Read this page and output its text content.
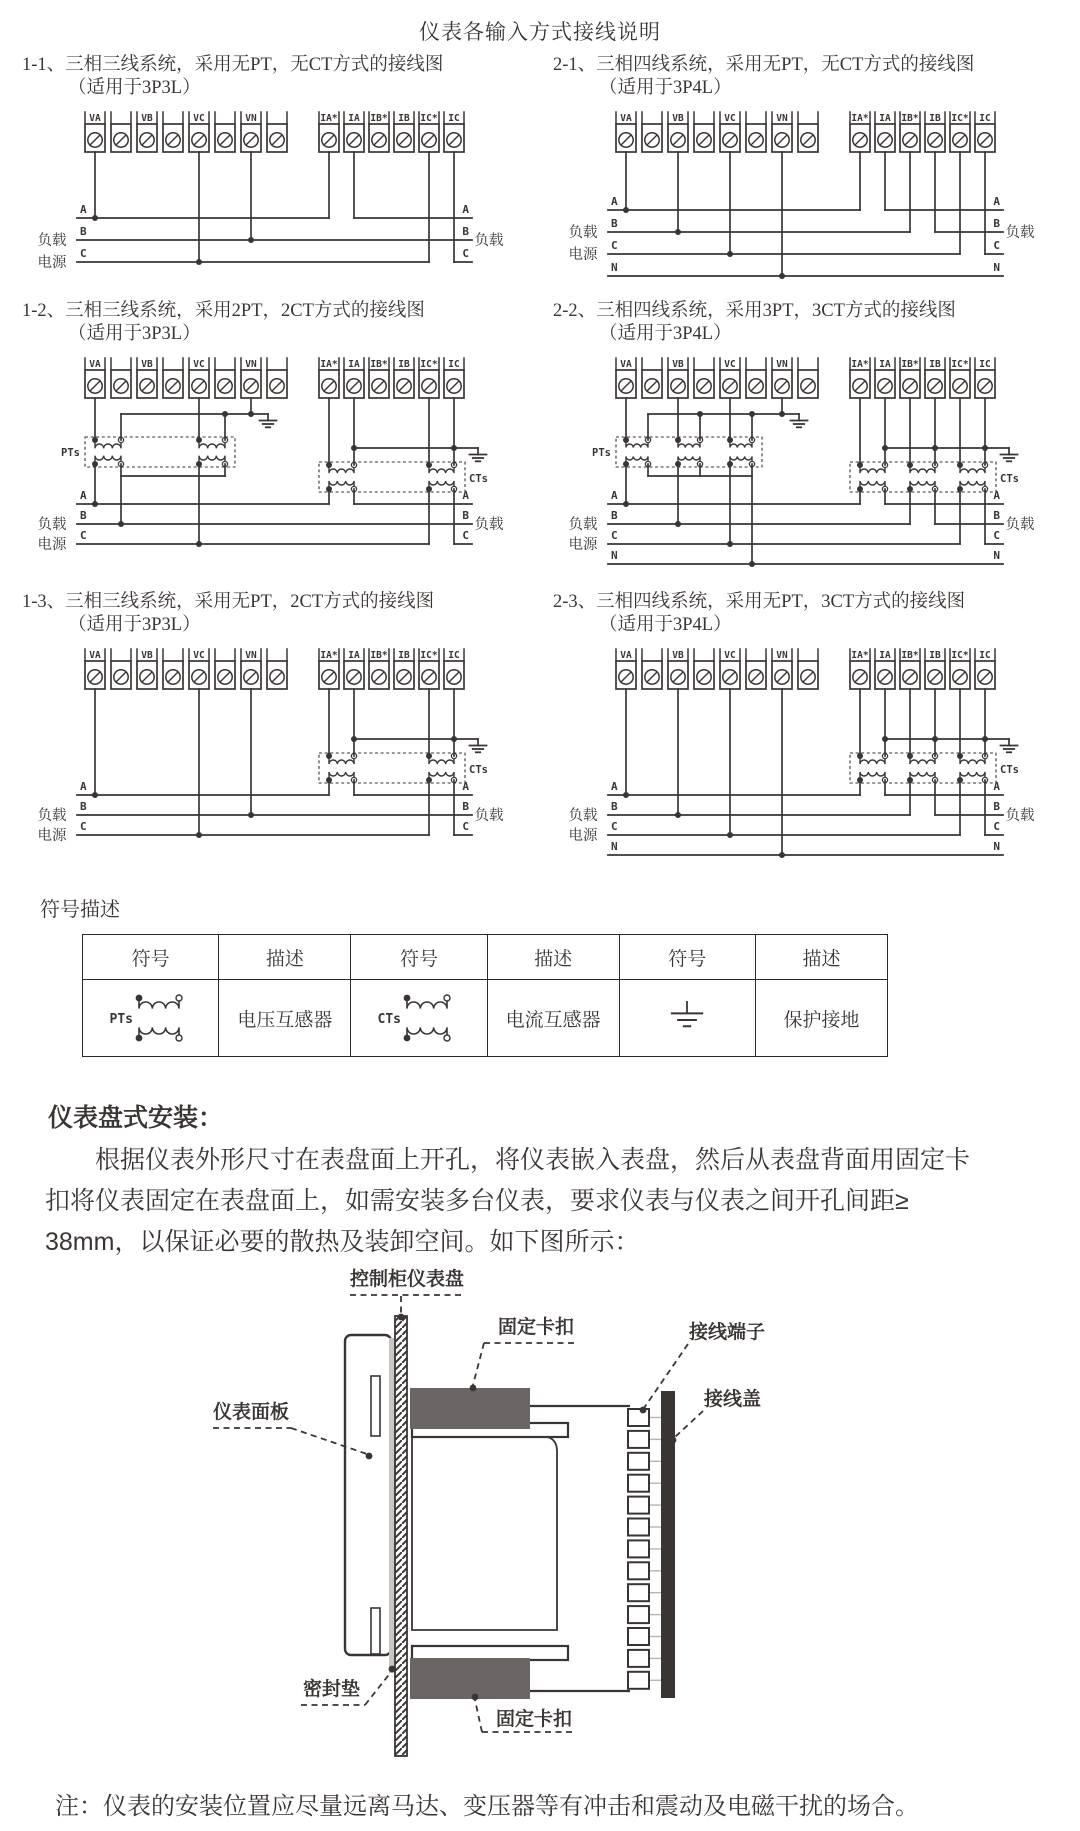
仪表各输入方式接线说明
1-1、三相三线系统，采用无PT，无CT方式的接线图
（适用于3P3L）
VA	VB	VC	VN	IA* IA IB* IB IC* IC
A	A
B	B
C	C
负载
电源
负载
2-1、三相四线系统，采用无PT，无CT方式的接线图
（适用于3P4L）
VA	VB	VC	VN	IA* IA IB* IB IC* IC
A	A
B	B
C	C
N	N
负载
电源
负载
1-2、三相三线系统，采用2PT，2CT方式的接线图
（适用于3P3L）
VA	VB	VC	VN	IA* IA IB* IB IC* IC
PTs
CTs
A	A
B	B
C	C
负载
电源
负载
2-2、三相四线系统，采用3PT，3CT方式的接线图
（适用于3P4L）
VA	VB	VC	VN	IA* IA IB* IB IC* IC
PTs
CTs
A	A
B	B
C	C
N	N
负载
电源
负载
1-3、三相三线系统，采用无PT，2CT方式的接线图
（适用于3P3L）
VA	VB	VC	VN	IA* IA IB* IB IC* IC
CTs
A	A
B	B
C	C
负载
电源
负载
2-3、三相四线系统，采用无PT，3CT方式的接线图
（适用于3P4L）
VA	VB	VC	VN	IA* IA IB* IB IC* IC
CTs
A	A
B	B
C	C
N	N
负载
电源
负载
符号描述
符号	描述	符号	描述	符号	描述

PTs	电压互感器	CTs	电流互感器		保护接地
仪表盘式安装：
根据仪表外形尺寸在表盘面上开孔，将仪表嵌入表盘，然后从表盘背面用固定卡
扣将仪表固定在表盘面上，如需安装多台仪表，要求仪表与仪表之间开孔间距≥
38mm，以保证必要的散热及装卸空间。如下图所示：
控制柜仪表盘
固定卡扣	接线端子
接线盖
仪表面板
密封垫
固定卡扣
注：仪表的安装位置应尽量远离马达、变压器等有冲击和震动及电磁干扰的场合。
